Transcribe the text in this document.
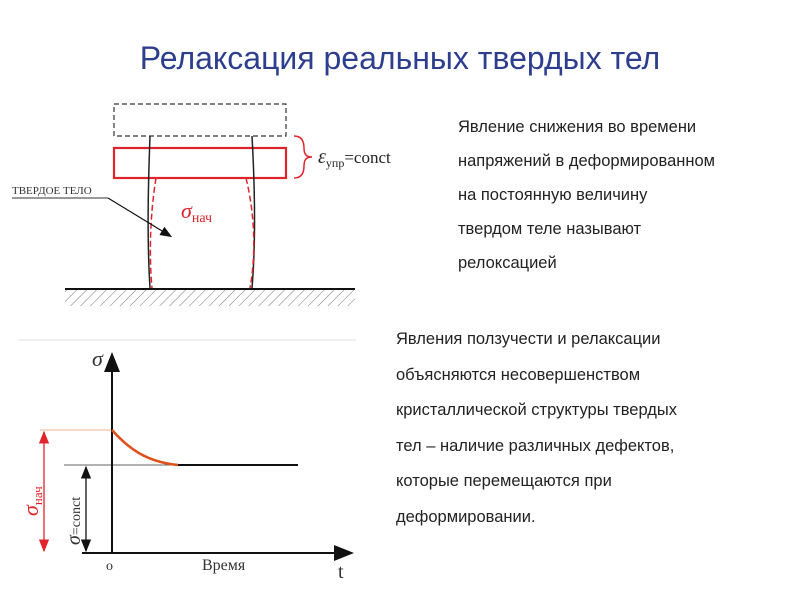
Релаксация реальных твердых тел
ТВЕРДОЕ ТЕЛО
$\varepsilon_{упр}=conct$
σнач
σ
t
Время
o
$\sigma_{нач}$
σ=conct
Явление снижения во времени
напряжений в деформированном
на постоянную величину
твердом теле называют
релоксацией
Явления ползучести и релаксации
объясняются несовершенством
кристаллической структуры твердых
тел – наличие различных дефектов,
которые перемещаются при
деформировании.
